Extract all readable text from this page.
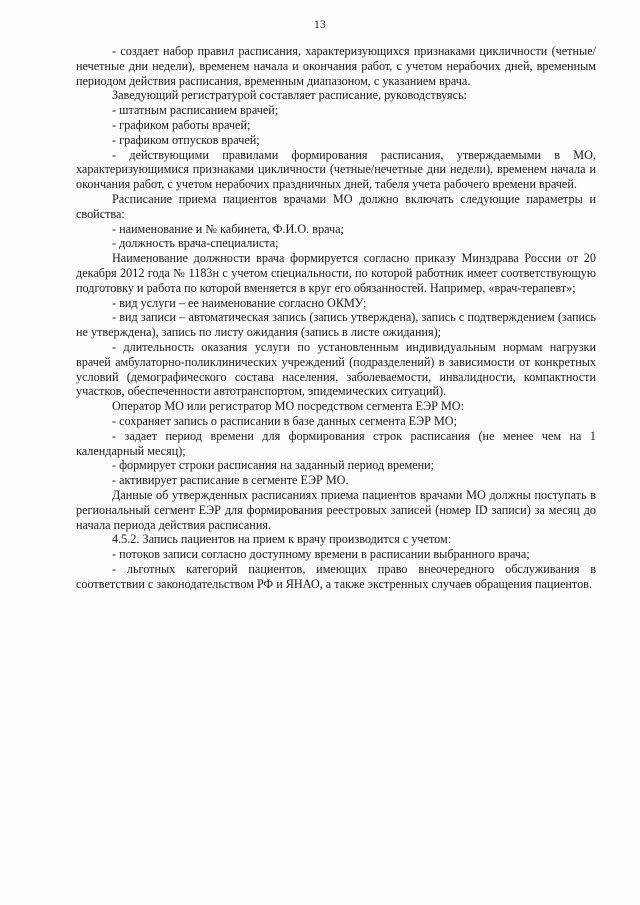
13

- создает набор правил расписания, характеризующихся признаками цикличности (четные/нечетные дни недели), временем начала и окончания работ, с учетом нерабочих дней, временным периодом действия расписания, временным диапазоном, с указанием врача.

Заведующий регистратурой составляет расписание, руководствуясь:

- штатным расписанием врачей;

- графиком работы врачей;

- графиком отпусков врачей;

- действующими правилами формирования расписания, утверждаемыми в МО, характеризующимися признаками цикличности (четные/нечетные дни недели), временем начала и окончания работ, с учетом нерабочих праздничных дней, табеля учета рабочего времени врачей.

Расписание приема пациентов врачами МО должно включать следующие параметры и свойства:

- наименование и № кабинета, Ф.И.О. врача;

- должность врача-специалиста;

Наименование должности врача формируется согласно приказу Минздрава России от 20 декабря 2012 года № 1183н с учетом специальности, по которой работник имеет соответствующую подготовку и работа по которой вменяется в круг его обязанностей. Например, «врач-терапевт»;

- вид услуги – ее наименование согласно ОКМУ;

- вид записи – автоматическая запись (запись утверждена), запись с подтверждением (запись не утверждена), запись по листу ожидания (запись в листе ожидания);

- длительность оказания услуги по установленным индивидуальным нормам нагрузки врачей амбулаторно-поликлинических учреждений (подразделений) в зависимости от конкретных условий (демографического состава населения, заболеваемости, инвалидности, компактности участков, обеспеченности автотранспортом, эпидемических ситуаций).

Оператор МО или регистратор МО посредством сегмента ЕЭР МО:

- сохраняет запись о расписании в базе данных сегмента ЕЭР МО;

- задает период времени для формирования строк расписания (не менее чем на 1 календарный месяц);

- формирует строки расписания на заданный период времени;

- активирует расписание в сегменте ЕЭР МО.

Данные об утвержденных расписаниях приема пациентов врачами МО должны поступать в региональный сегмент ЕЭР для формирования реестровых записей (номер ID записи) за месяц до начала периода действия расписания.

4.5.2. Запись пациентов на прием к врачу производится с учетом:

- потоков записи согласно доступному времени в расписании выбранного врача;

- льготных категорий пациентов, имеющих право внеочередного обслуживания в соответствии с законодательством РФ и ЯНАО, а также экстренных случаев обращения пациентов.
